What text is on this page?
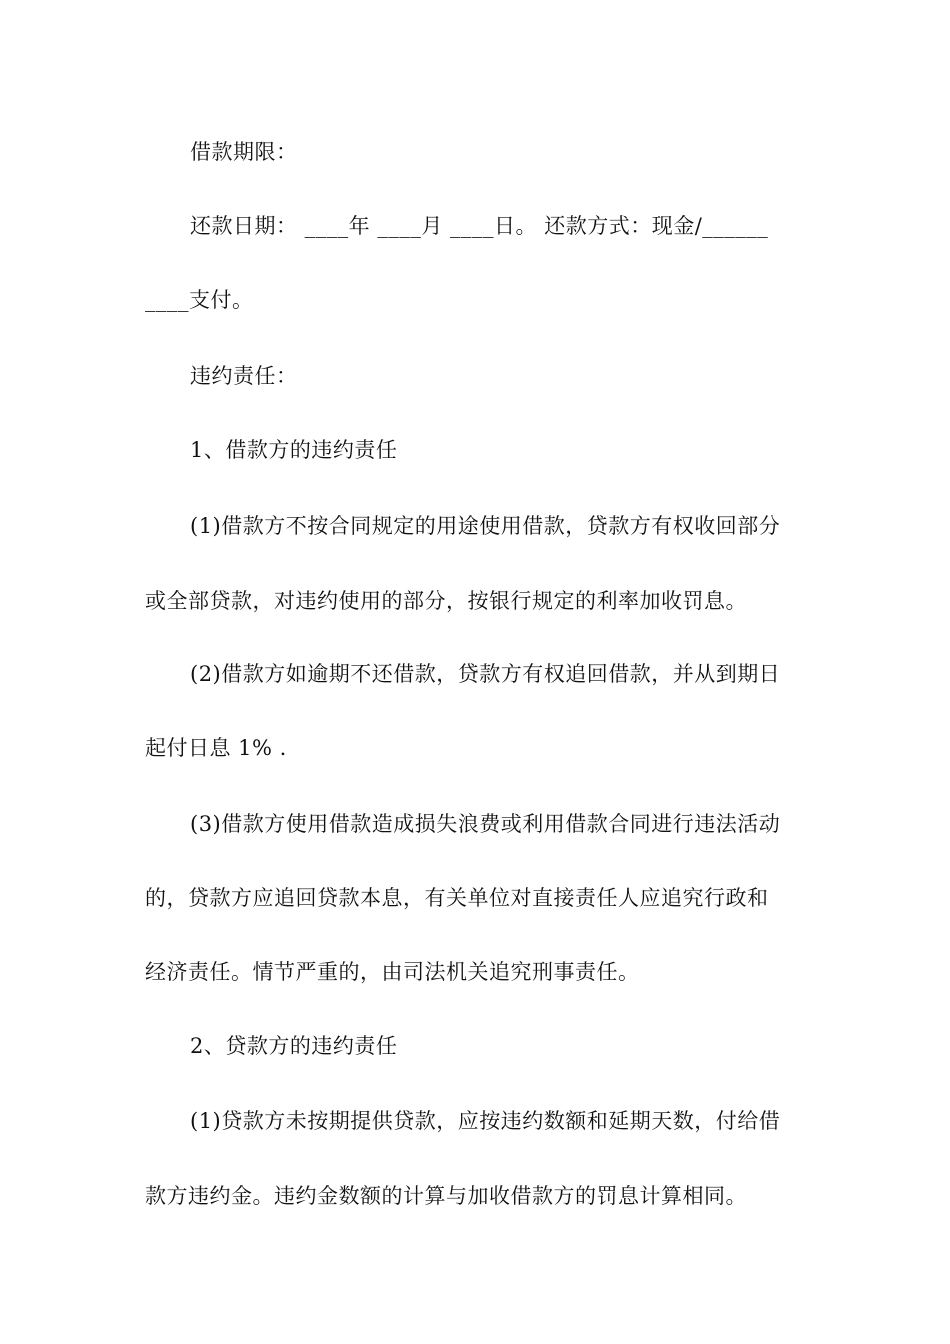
借款期限：
还款日期： ____年 ____月 ____日。 还款方式：现金/______
____支付。
违约责任：
1、借款方的违约责任
(1)借款方不按合同规定的用途使用借款，贷款方有权收回部分
或全部贷款，对违约使用的部分，按银行规定的利率加收罚息。
(2)借款方如逾期不还借款，贷款方有权追回借款，并从到期日
起付日息 1% .
(3)借款方使用借款造成损失浪费或利用借款合同进行违法活动
的，贷款方应追回贷款本息，有关单位对直接责任人应追究行政和
经济责任。情节严重的，由司法机关追究刑事责任。
2、贷款方的违约责任
(1)贷款方未按期提供贷款，应按违约数额和延期天数，付给借
款方违约金。违约金数额的计算与加收借款方的罚息计算相同。
